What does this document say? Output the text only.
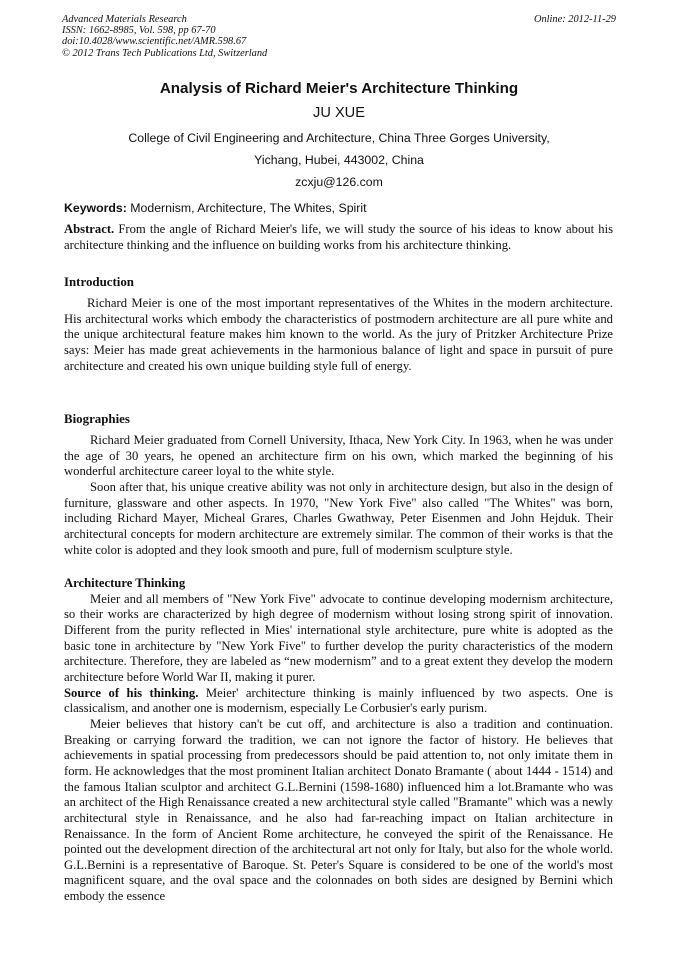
Advanced Materials Research
ISSN: 1662-8985, Vol. 598, pp 67-70
doi:10.4028/www.scientific.net/AMR.598.67
© 2012 Trans Tech Publications Ltd, Switzerland
Online: 2012-11-29
Analysis of Richard Meier's Architecture Thinking
JU XUE
College of Civil Engineering and Architecture, China Three Gorges University,
Yichang, Hubei, 443002, China
zcxju@126.com
Keywords: Modernism, Architecture, The Whites, Spirit

Abstract. From the angle of Richard Meier's life, we will study the source of his ideas to know about his architecture thinking and the influence on building works from his architecture thinking.

Introduction

Richard Meier is one of the most important representatives of the Whites in the modern architecture. His architectural works which embody the characteristics of postmodern architecture are all pure white and the unique architectural feature makes him known to the world. As the jury of Pritzker Architecture Prize says: Meier has made great achievements in the harmonious balance of light and space in pursuit of pure architecture and created his own unique building style full of energy.

Biographies

Richard Meier graduated from Cornell University, Ithaca, New York City. In 1963, when he was under the age of 30 years, he opened an architecture firm on his own, which marked the beginning of his wonderful architecture career loyal to the white style.

Soon after that, his unique creative ability was not only in architecture design, but also in the design of furniture, glassware and other aspects. In 1970, "New York Five" also called "The Whites" was born, including Richard Mayer, Micheal Grares, Charles Gwathway, Peter Eisenmen and John Hejduk. Their architectural concepts for modern architecture are extremely similar. The common of their works is that the white color is adopted and they look smooth and pure, full of modernism sculpture style.

Architecture Thinking

Meier and all members of "New York Five" advocate to continue developing modernism architecture, so their works are characterized by high degree of modernism without losing strong spirit of innovation. Different from the purity reflected in Mies' international style architecture, pure white is adopted as the basic tone in architecture by "New York Five" to further develop the purity characteristics of the modern architecture. Therefore, they are labeled as “new modernism” and to a great extent they develop the modern architecture before World War II, making it purer.

Source of his thinking. Meier' architecture thinking is mainly influenced by two aspects. One is classicalism, and another one is modernism, especially Le Corbusier's early purism.

Meier believes that history can't be cut off, and architecture is also a tradition and continuation. Breaking or carrying forward the tradition, we can not ignore the factor of history. He believes that achievements in spatial processing from predecessors should be paid attention to, not only imitate them in form. He acknowledges that the most prominent Italian architect Donato Bramante ( about 1444 - 1514) and the famous Italian sculptor and architect G.L.Bernini (1598-1680) influenced him a lot.Bramante who was an architect of the High Renaissance created a new architectural style called "Bramante" which was a newly architectural style in Renaissance, and he also had far-reaching impact on Italian architecture in Renaissance. In the form of Ancient Rome architecture, he conveyed the spirit of the Renaissance. He pointed out the development direction of the architectural art not only for Italy, but also for the whole world. G.L.Bernini is a representative of Baroque. St. Peter's Square is considered to be one of the world's most magnificent square, and the oval space and the colonnades on both sides are designed by Bernini which embody the essence
